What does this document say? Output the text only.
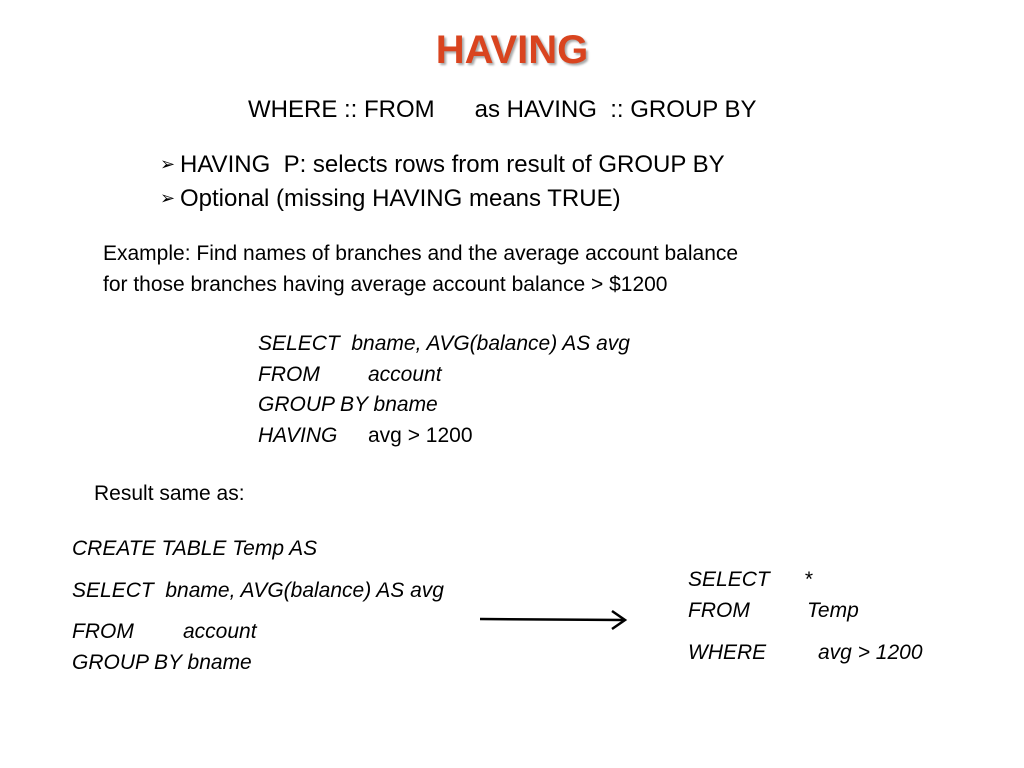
HAVING
WHERE :: FROM      as HAVING  :: GROUP BY
➢ HAVING  P: selects rows from result of GROUP BY
➢ Optional (missing HAVING means TRUE)
Example: Find names of branches and the average account balance
for those branches having average account balance > $1200
SELECT bname, AVG(balance) AS avg
FROM account
GROUP BY bname
HAVING avg > 1200
Result same as:
CREATE TABLE Temp AS
SELECT bname, AVG(balance) AS avg
FROM account
GROUP BY bname
SELECT *
FROM	Temp
WHERE avg > 1200
